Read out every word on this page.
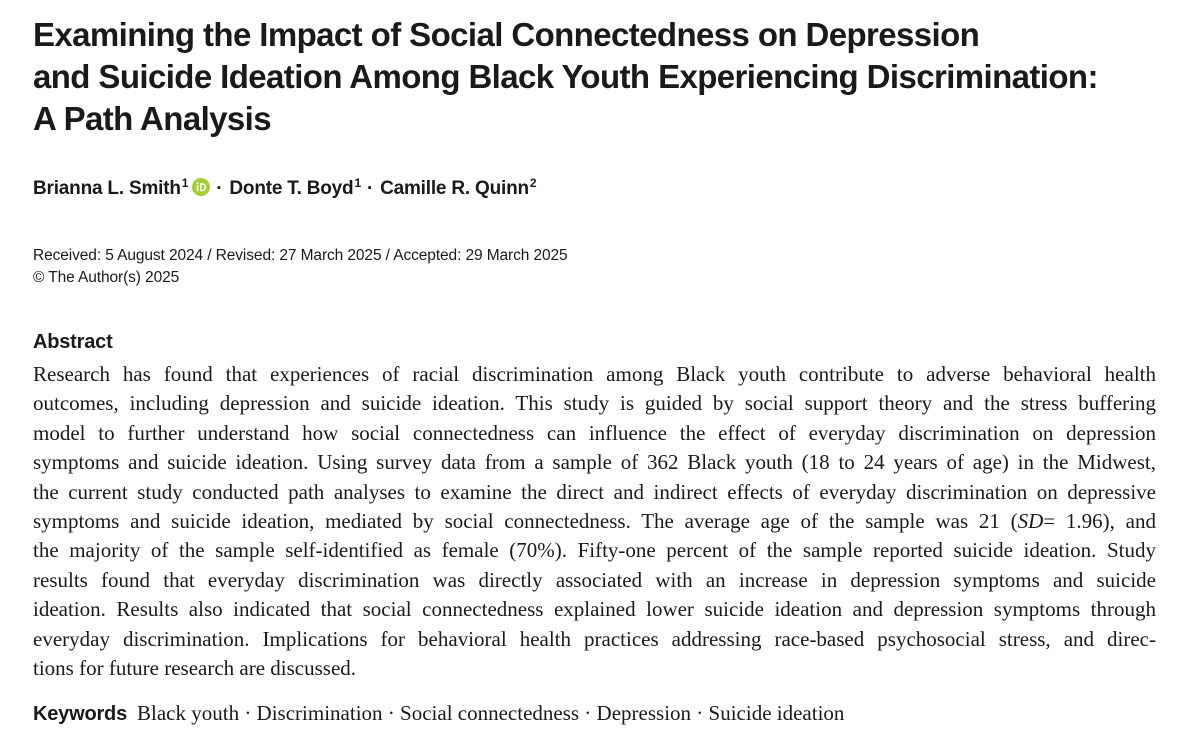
Examining the Impact of Social Connectedness on Depression
and Suicide Ideation Among Black Youth Experiencing Discrimination:
A Path Analysis
Brianna L. Smith$^1$ · Donte T. Boyd$^1$ · Camille R. Quinn$^2$
Received: 5 August 2024 / Revised: 27 March 2025 / Accepted: 29 March 2025
© The Author(s) 2025
Abstract
Research has found that experiences of racial discrimination among Black youth contribute to adverse behavioral health
outcomes, including depression and suicide ideation. This study is guided by social support theory and the stress buffering
model to further understand how social connectedness can influence the effect of everyday discrimination on depression
symptoms and suicide ideation. Using survey data from a sample of 362 Black youth (18 to 24 years of age) in the Midwest,
the current study conducted path analyses to examine the direct and indirect effects of everyday discrimination on depressive
symptoms and suicide ideation, mediated by social connectedness. The average age of the sample was 21 (SD= 1.96), and
the majority of the sample self-identified as female (70%). Fifty-one percent of the sample reported suicide ideation. Study
results found that everyday discrimination was directly associated with an increase in depression symptoms and suicide
ideation. Results also indicated that social connectedness explained lower suicide ideation and depression symptoms through
everyday discrimination. Implications for behavioral health practices addressing race-based psychosocial stress, and direc-
tions for future research are discussed.
Keywords Black youth · Discrimination · Social connectedness · Depression · Suicide ideation
